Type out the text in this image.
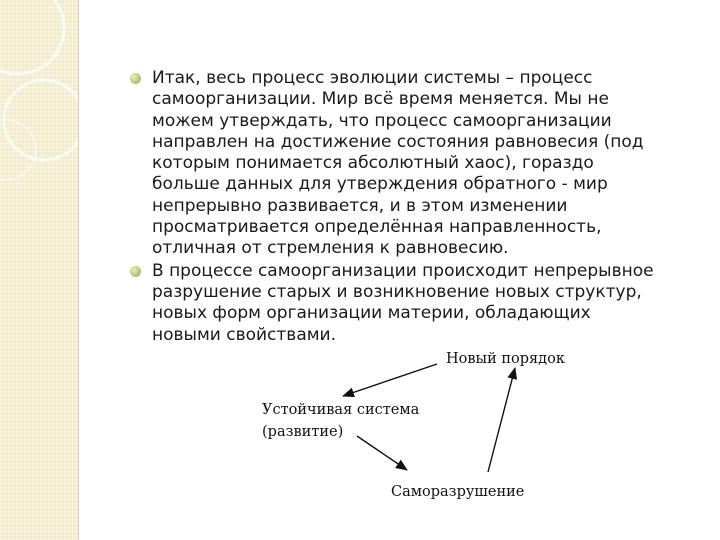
Итак, весь процесс эволюции системы – процесс самоорганизации. Мир всё время меняется. Мы не можем утверждать, что процесс самоорганизации направлен на достижение состояния равновесия (под которым понимается абсолютный хаос), гораздо больше данных для утверждения обратного - мир непрерывно развивается, и в этом изменении просматривается определённая направленность, отличная от стремления к равновесию.
В процессе самоорганизации происходит непрерывное разрушение старых и возникновение новых структур, новых форм организации материи, обладающих новыми свойствами.
Новый порядок
Устойчивая система
(развитие)
Саморазрушение
